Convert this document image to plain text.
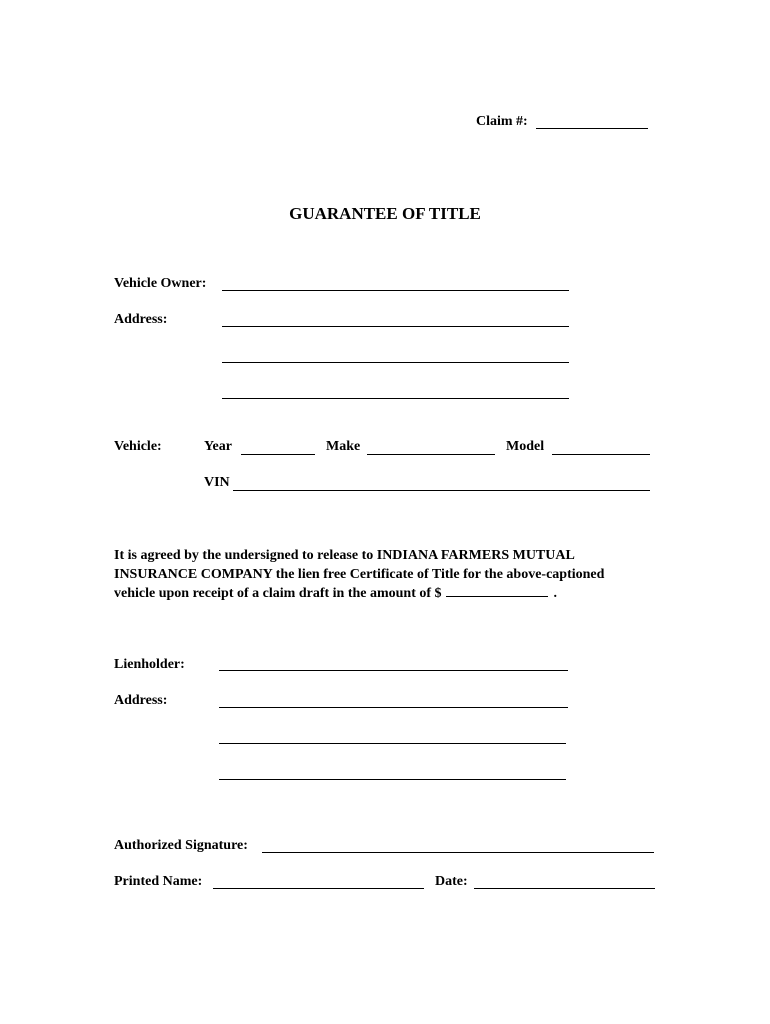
Claim #:
GUARANTEE OF TITLE
Vehicle Owner:
Address:
Vehicle:	Year	Make	Model
VIN
It is agreed by the undersigned to release to INDIANA FARMERS MUTUAL
INSURANCE COMPANY the lien free Certificate of Title for the above-captioned
vehicle upon receipt of a claim draft in the amount of $	.
Lienholder:
Address:
Authorized Signature:
Printed Name:	Date:
